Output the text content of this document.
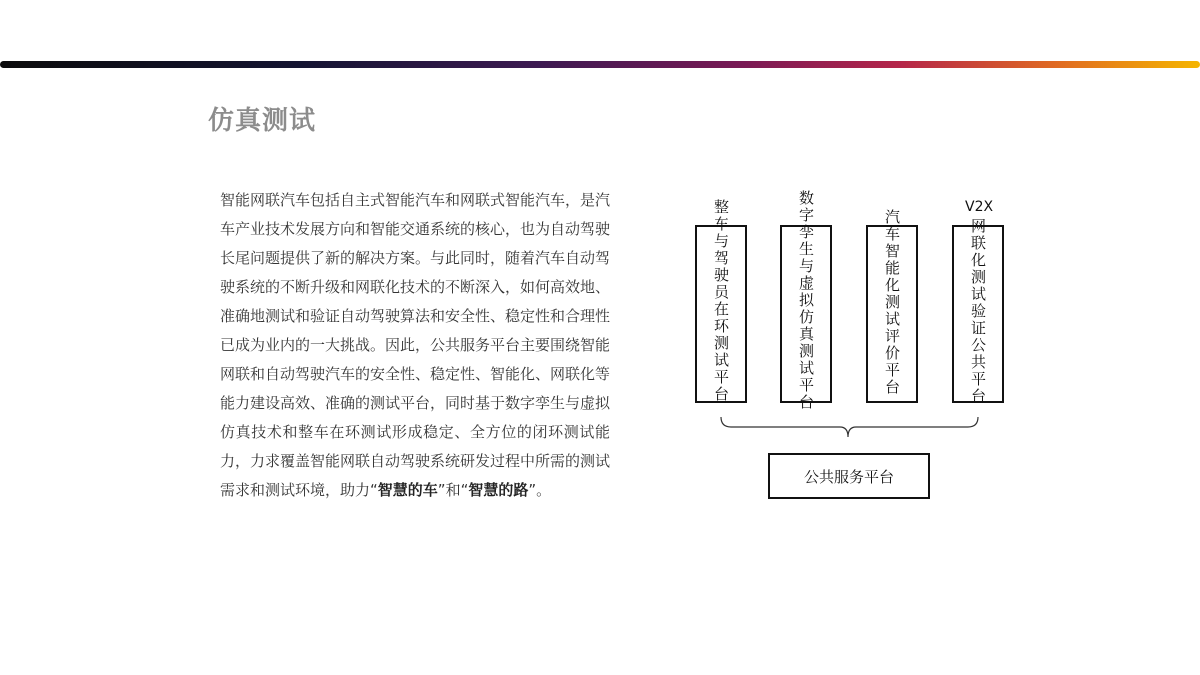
仿真测试
智能网联汽车包括自主式智能汽车和网联式智能汽车，是汽车产业技术发展方向和智能交通系统的核心，也为自动驾驶长尾问题提供了新的解决方案。与此同时，随着汽车自动驾驶系统的不断升级和网联化技术的不断深入，如何高效地、准确地测试和验证自动驾驶算法和安全性、稳定性和合理性已成为业内的一大挑战。因此，公共服务平台主要围绕智能网联和自动驾驶汽车的安全性、稳定性、智能化、网联化等能力建设高效、准确的测试平台，同时基于数字孪生与虚拟仿真技术和整车在环测试形成稳定、全方位的闭环测试能力，力求覆盖智能网联自动驾驶系统研发过程中所需的测试需求和测试环境，助力“智慧的车”和“智慧的路”。
整车与驾驶员在环测试平台	数字孪生与虚拟仿真测试平台	汽车智能化测试评价平台
V2X
网联化测试验证公共平台
公共服务平台
